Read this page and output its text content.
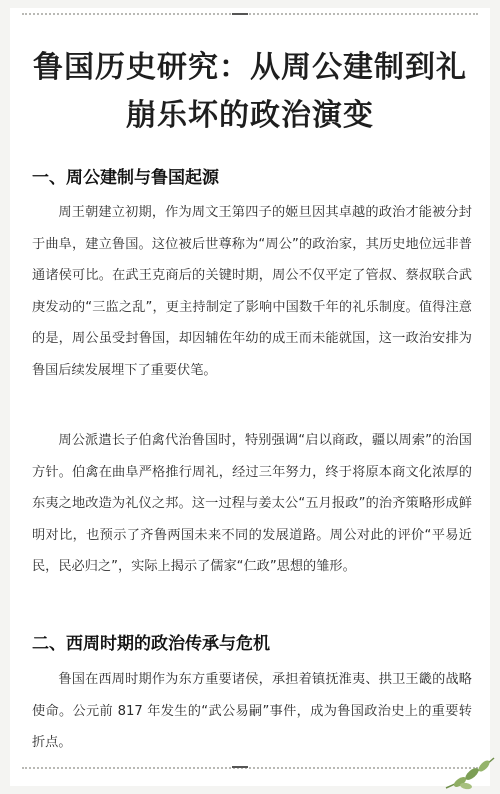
鲁国历史研究：从周公建制到礼崩乐坏的政治演变
一、周公建制与鲁国起源
周王朝建立初期，作为周文王第四子的姬旦因其卓越的政治才能被分封于曲阜，建立鲁国。这位被后世尊称为“周公”的政治家，其历史地位远非普通诸侯可比。在武王克商后的关键时期，周公不仅平定了管叔、蔡叔联合武庚发动的“三监之乱”，更主持制定了影响中国数千年的礼乐制度。值得注意的是，周公虽受封鲁国，却因辅佐年幼的成王而未能就国，这一政治安排为鲁国后续发展埋下了重要伏笔。
周公派遣长子伯禽代治鲁国时，特别强调“启以商政，疆以周索”的治国方针。伯禽在曲阜严格推行周礼，经过三年努力，终于将原本商文化浓厚的东夷之地改造为礼仪之邦。这一过程与姜太公“五月报政”的治齐策略形成鲜明对比，也预示了齐鲁两国未来不同的发展道路。周公对此的评价“平易近民，民必归之”，实际上揭示了儒家“仁政”思想的雏形。
二、西周时期的政治传承与危机
鲁国在西周时期作为东方重要诸侯，承担着镇抚淮夷、拱卫王畿的战略使命。公元前 817 年发生的“武公易嗣”事件，成为鲁国政治史上的重要转折点。
